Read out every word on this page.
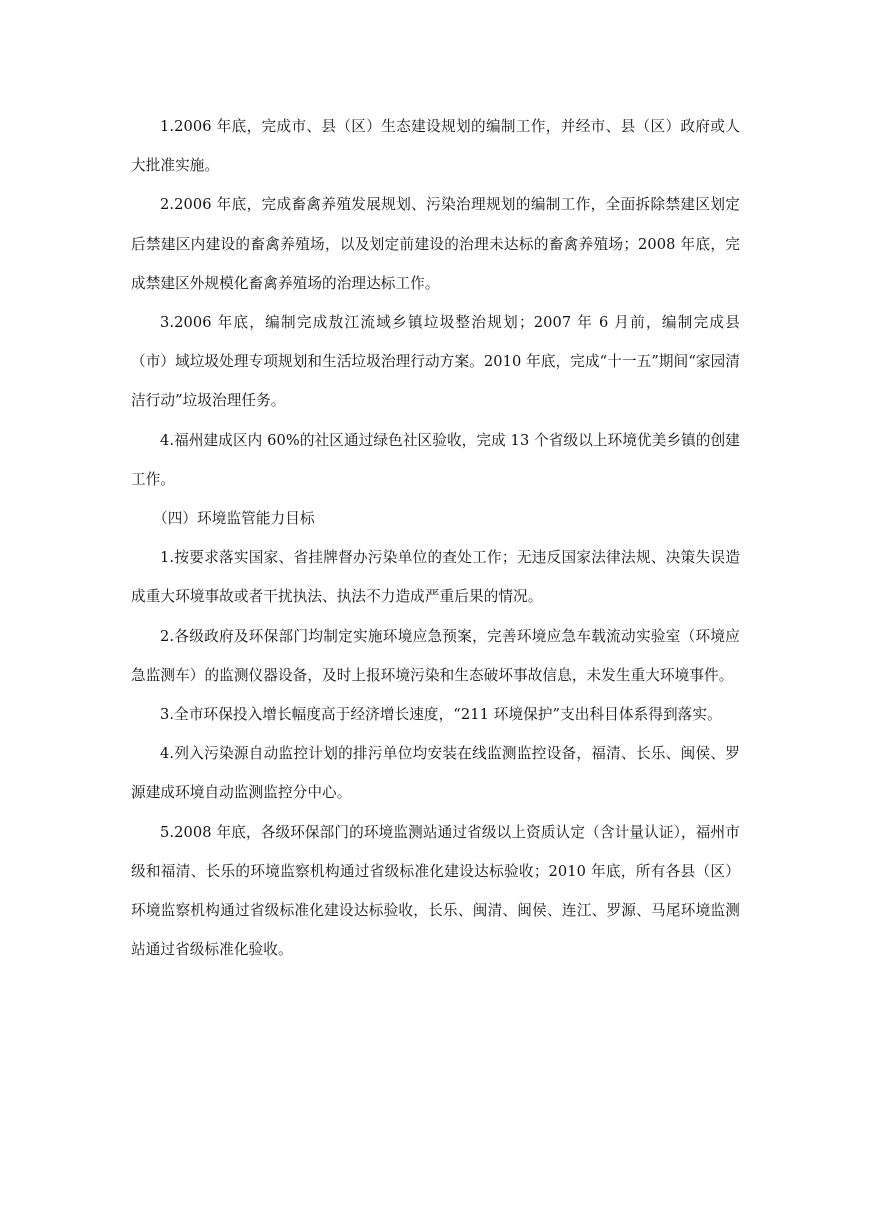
1.2006 年底，完成市、县（区）生态建设规划的编制工作，并经市、县（区）政府或人大批准实施。

2.2006 年底，完成畜禽养殖发展规划、污染治理规划的编制工作，全面拆除禁建区划定后禁建区内建设的畜禽养殖场，以及划定前建设的治理未达标的畜禽养殖场；2008 年底，完成禁建区外规模化畜禽养殖场的治理达标工作。

3.2006 年底，编制完成敖江流域乡镇垃圾整治规划；2007 年 6 月前，编制完成县（市）域垃圾处理专项规划和生活垃圾治理行动方案。2010 年底，完成“十一五”期间“家园清洁行动”垃圾治理任务。

4.福州建成区内 60%的社区通过绿色社区验收，完成 13 个省级以上环境优美乡镇的创建工作。

（四）环境监管能力目标

1.按要求落实国家、省挂牌督办污染单位的查处工作；无违反国家法律法规、决策失误造成重大环境事故或者干扰执法、执法不力造成严重后果的情况。

2.各级政府及环保部门均制定实施环境应急预案，完善环境应急车载流动实验室（环境应急监测车）的监测仪器设备，及时上报环境污染和生态破坏事故信息，未发生重大环境事件。

3.全市环保投入增长幅度高于经济增长速度，“211 环境保护”支出科目体系得到落实。

4.列入污染源自动监控计划的排污单位均安装在线监测监控设备，福清、长乐、闽侯、罗源建成环境自动监测监控分中心。

5.2008 年底，各级环保部门的环境监测站通过省级以上资质认定（含计量认证），福州市级和福清、长乐的环境监察机构通过省级标准化建设达标验收；2010 年底，所有各县（区）环境监察机构通过省级标准化建设达标验收，长乐、闽清、闽侯、连江、罗源、马尾环境监测站通过省级标准化验收。
